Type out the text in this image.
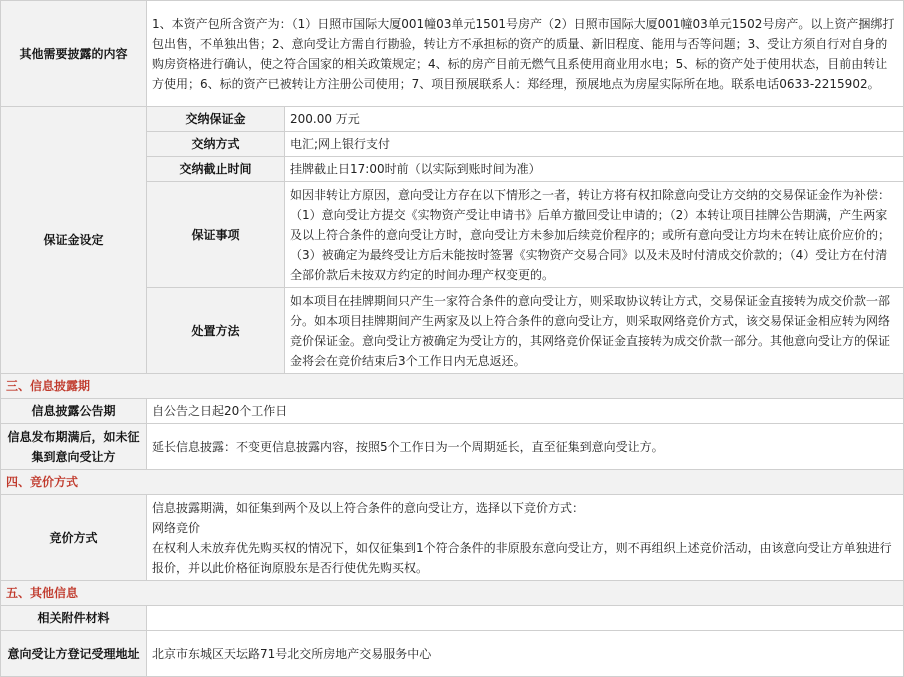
其他需要披露的内容	1、本资产包所含资产为：（1）日照市国际大厦001幢03单元1501号房产（2）日照市国际大厦001幢03单元1502号房产。以上资产捆绑打包出售，不单独出售；2、意向受让方需自行勘验，转让方不承担标的资产的质量、新旧程度、能用与否等问题；3、受让方须自行对自身的购房资格进行确认，使之符合国家的相关政策规定；4、标的房产目前无燃气且系使用商业用水电；5、标的资产处于使用状态，目前由转让方使用；6、标的资产已被转让方注册公司使用；7、项目预展联系人：郑经理，预展地点为房屋实际所在地。联系电话0633-2215902。	
保证金设定	交纳保证金	200.00 万元
	交纳方式	电汇;网上银行支付
	交纳截止时间	挂牌截止日17:00时前（以实际到账时间为准）
	保证事项	如因非转让方原因，意向受让方存在以下情形之一者，转让方将有权扣除意向受让方交纳的交易保证金作为补偿：（1）意向受让方提交《实物资产受让申请书》后单方撤回受让申请的；（2）本转让项目挂牌公告期满，产生两家及以上符合条件的意向受让方时，意向受让方未参加后续竞价程序的；或所有意向受让方均未在转让底价应价的；（3）被确定为最终受让方后未能按时签署《实物资产交易合同》以及未及时付清成交价款的；（4）受让方在付清全部价款后未按双方约定的时间办理产权变更的。
	处置方法	如本项目在挂牌期间只产生一家符合条件的意向受让方，则采取协议转让方式，交易保证金直接转为成交价款一部分。如本项目挂牌期间产生两家及以上符合条件的意向受让方，则采取网络竞价方式，该交易保证金相应转为网络竞价保证金。意向受让方被确定为受让方的，其网络竞价保证金直接转为成交价款一部分。其他意向受让方的保证金将会在竞价结束后3个工作日内无息返还。
三、信息披露期		
信息披露公告期	自公告之日起20个工作日	
信息发布期满后，如未征集到意向受让方	延长信息披露：不变更信息披露内容，按照5个工作日为一个周期延长，直至征集到意向受让方。	
四、竞价方式		
竞价方式	信息披露期满，如征集到两个及以上符合条件的意向受让方，选择以下竞价方式：
网络竞价
在权利人未放弃优先购买权的情况下，如仅征集到1个符合条件的非原股东意向受让方，则不再组织上述竞价活动，由该意向受让方单独进行报价，并以此价格征询原股东是否行使优先购买权。	

五、其他信息		
相关附件材料		
意向受让方登记受理地址	北京市东城区天坛路71号北交所房地产交易服务中心	
